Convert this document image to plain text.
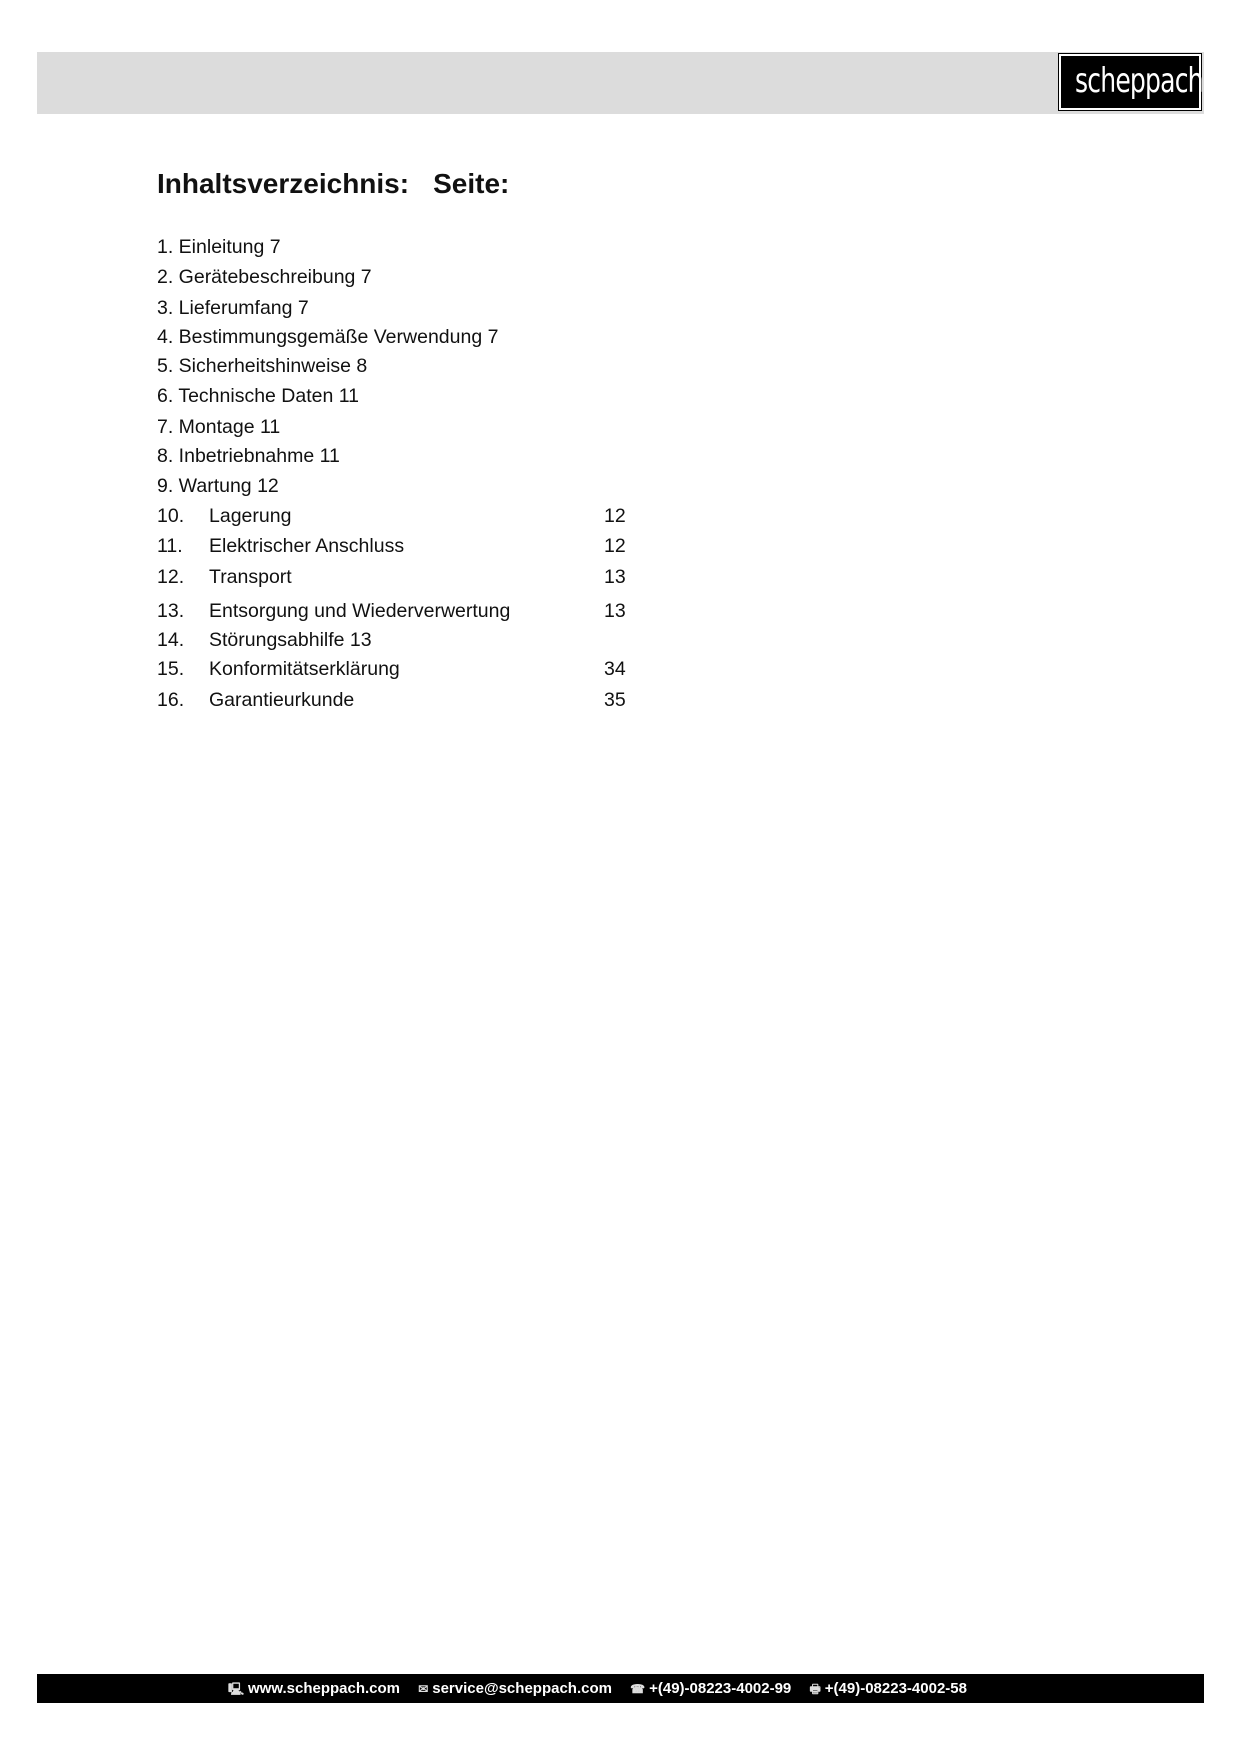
scheppach
Inhaltsverzeichnis: Seite:
1. Einleitung 7
2. Gerätebeschreibung 7
3. Lieferumfang 7
4. Bestimmungsgemäße Verwendung 7
5. Sicherheitshinweise 8
6. Technische Daten 11
7. Montage 11
8. Inbetriebnahme 11
9. Wartung 12
10. Lagerung	12
11. Elektrischer Anschluss	12
12. Transport	13
13. Entsorgung und Wiederverwertung	13
14. Störungsabhilfe 13
15. Konformitätserklärung	34
16. Garantieurkunde	35
🖳 www.scheppach.com ✉ service@scheppach.com ☎ +(49)-08223-4002-99 🖶 +(49)-08223-4002-58
